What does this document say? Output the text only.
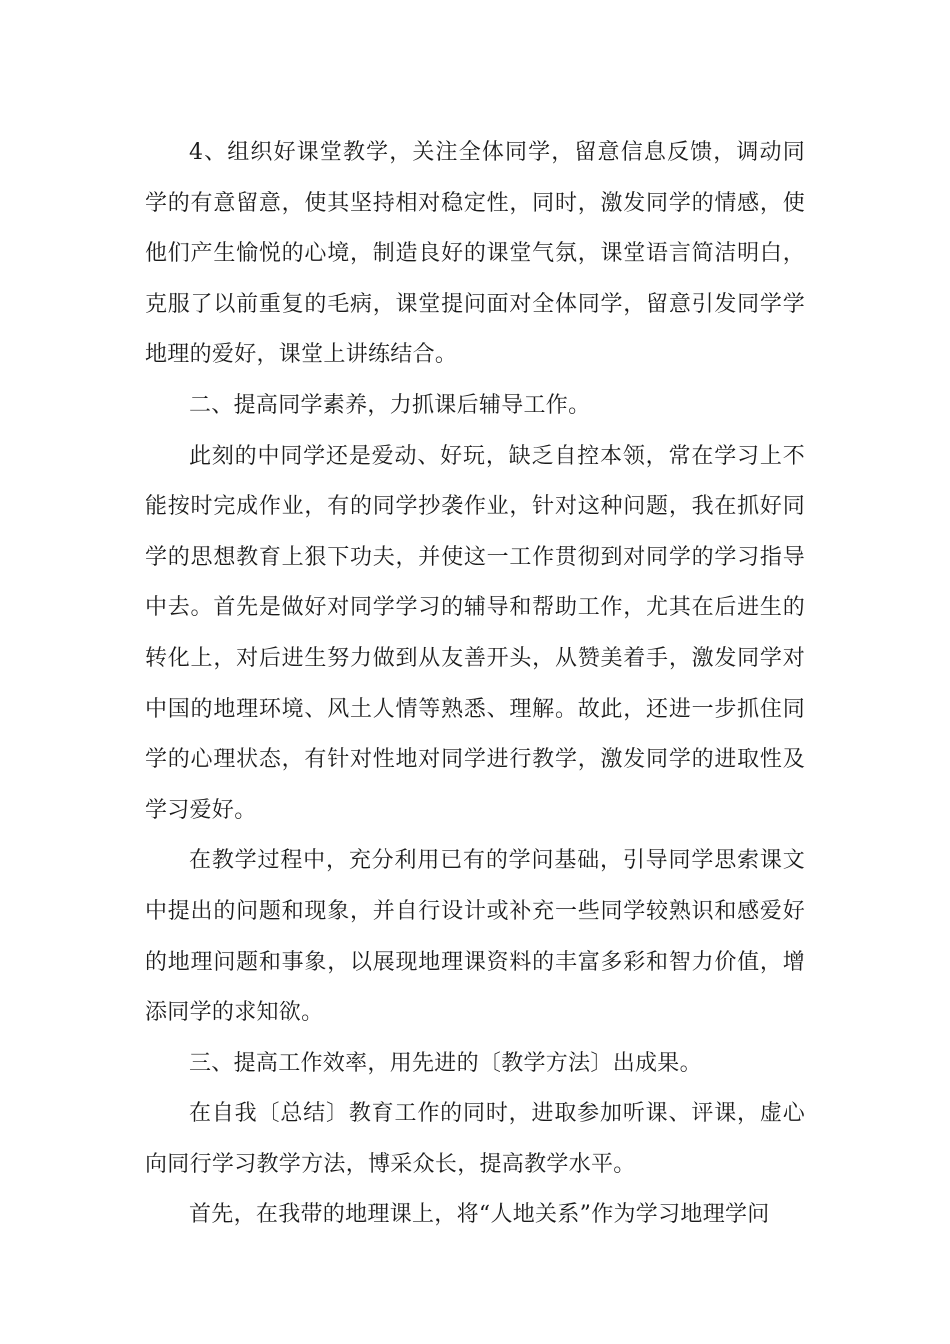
4、组织好课堂教学，关注全体同学，留意信息反馈，调动同学的有意留意，使其坚持相对稳定性，同时，激发同学的情感，使他们产生愉悦的心境，制造良好的课堂气氛，课堂语言简洁明白，克服了以前重复的毛病，课堂提问面对全体同学，留意引发同学学地理的爱好，课堂上讲练结合。

二、提高同学素养，力抓课后辅导工作。

此刻的中同学还是爱动、好玩，缺乏自控本领，常在学习上不能按时完成作业，有的同学抄袭作业，针对这种问题，我在抓好同学的思想教育上狠下功夫，并使这一工作贯彻到对同学的学习指导中去。首先是做好对同学学习的辅导和帮助工作，尤其在后进生的转化上，对后进生努力做到从友善开头，从赞美着手，激发同学对中国的地理环境、风土人情等熟悉、理解。故此，还进一步抓住同学的心理状态，有针对性地对同学进行教学，激发同学的进取性及学习爱好。

在教学过程中，充分利用已有的学问基础，引导同学思索课文中提出的问题和现象，并自行设计或补充一些同学较熟识和感爱好的地理问题和事象，以展现地理课资料的丰富多彩和智力价值，增添同学的求知欲。

三、提高工作效率，用先进的〔教学方法〕出成果。

在自我〔总结〕教育工作的同时，进取参加听课、评课，虚心向同行学习教学方法，博采众长，提高教学水平。

首先，在我带的地理课上，将“人地关系”作为学习地理学问
